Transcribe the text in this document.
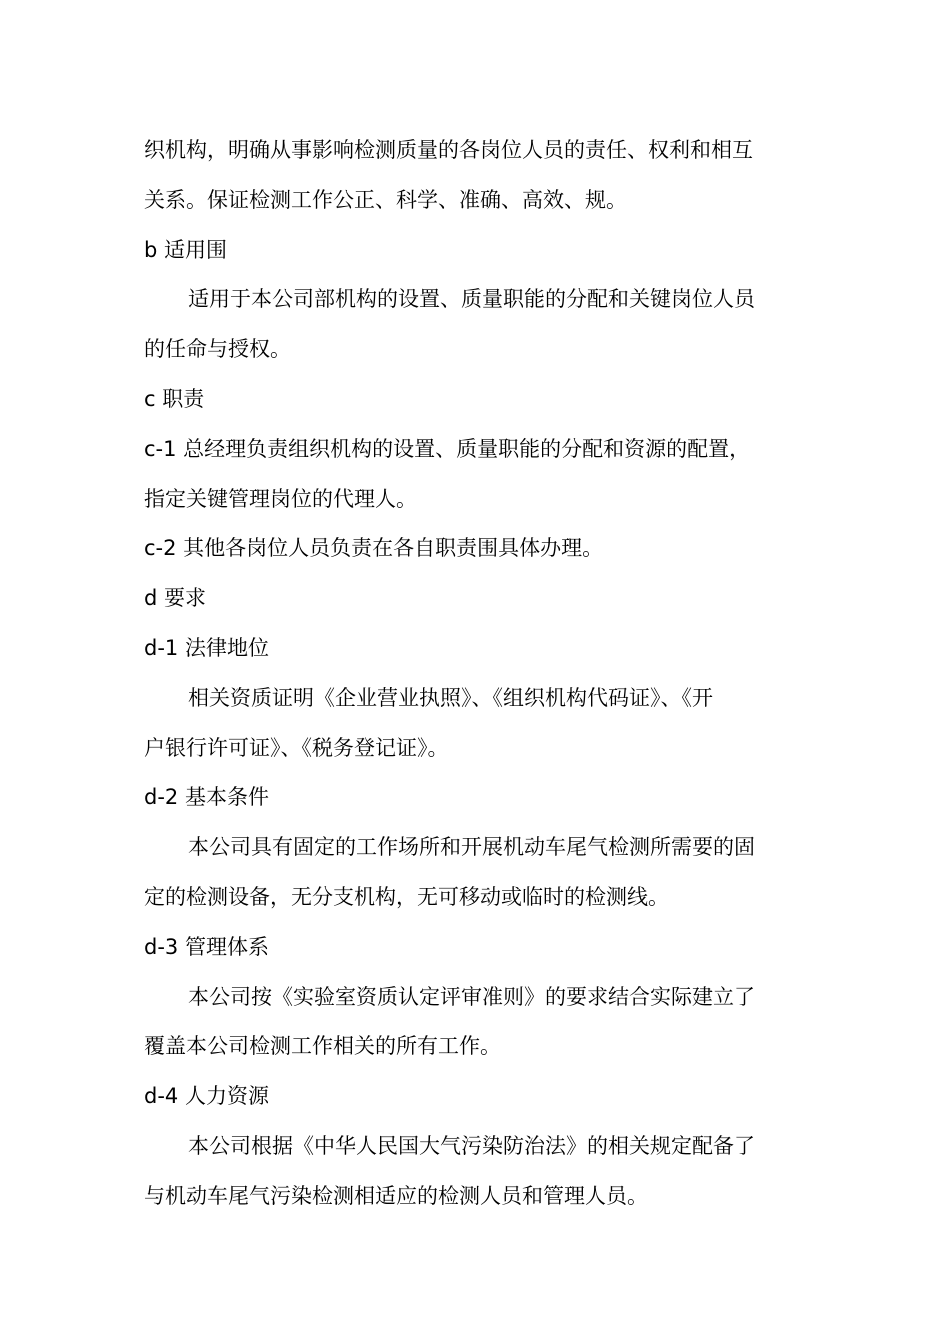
织机构，明确从事影响检测质量的各岗位人员的责任、权利和相互

关系。保证检测工作公正、科学、准确、高效、规。

b 适用围

适用于本公司部机构的设置、质量职能的分配和关键岗位人员

的任命与授权。

c 职责

c-1 总经理负责组织机构的设置、质量职能的分配和资源的配置，

指定关键管理岗位的代理人。

c-2 其他各岗位人员负责在各自职责围具体办理。

d 要求

d-1 法律地位

相关资质证明《企业营业执照》、《组织机构代码证》、《开

户银行许可证》、《税务登记证》。

d-2 基本条件

本公司具有固定的工作场所和开展机动车尾气检测所需要的固

定的检测设备，无分支机构，无可移动或临时的检测线。

d-3 管理体系

本公司按《实验室资质认定评审准则》的要求结合实际建立了

覆盖本公司检测工作相关的所有工作。

d-4 人力资源

本公司根据《中华人民国大气污染防治法》的相关规定配备了

与机动车尾气污染检测相适应的检测人员和管理人员。
